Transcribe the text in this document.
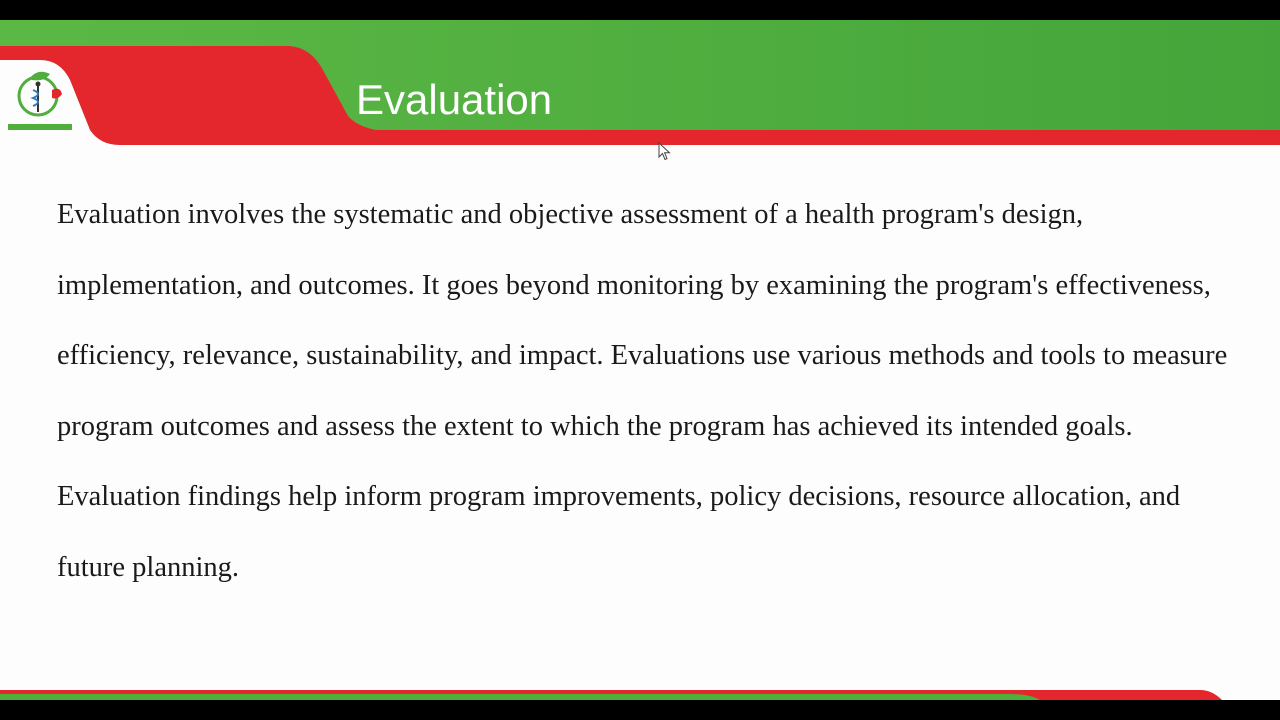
Evaluation

Evaluation involves the systematic and objective assessment of a health program's design, implementation, and outcomes. It goes beyond monitoring by examining the program's effectiveness, efficiency, relevance, sustainability, and impact. Evaluations use various methods and tools to measure program outcomes and assess the extent to which the program has achieved its intended goals. Evaluation findings help inform program improvements, policy decisions, resource allocation, and future planning.
